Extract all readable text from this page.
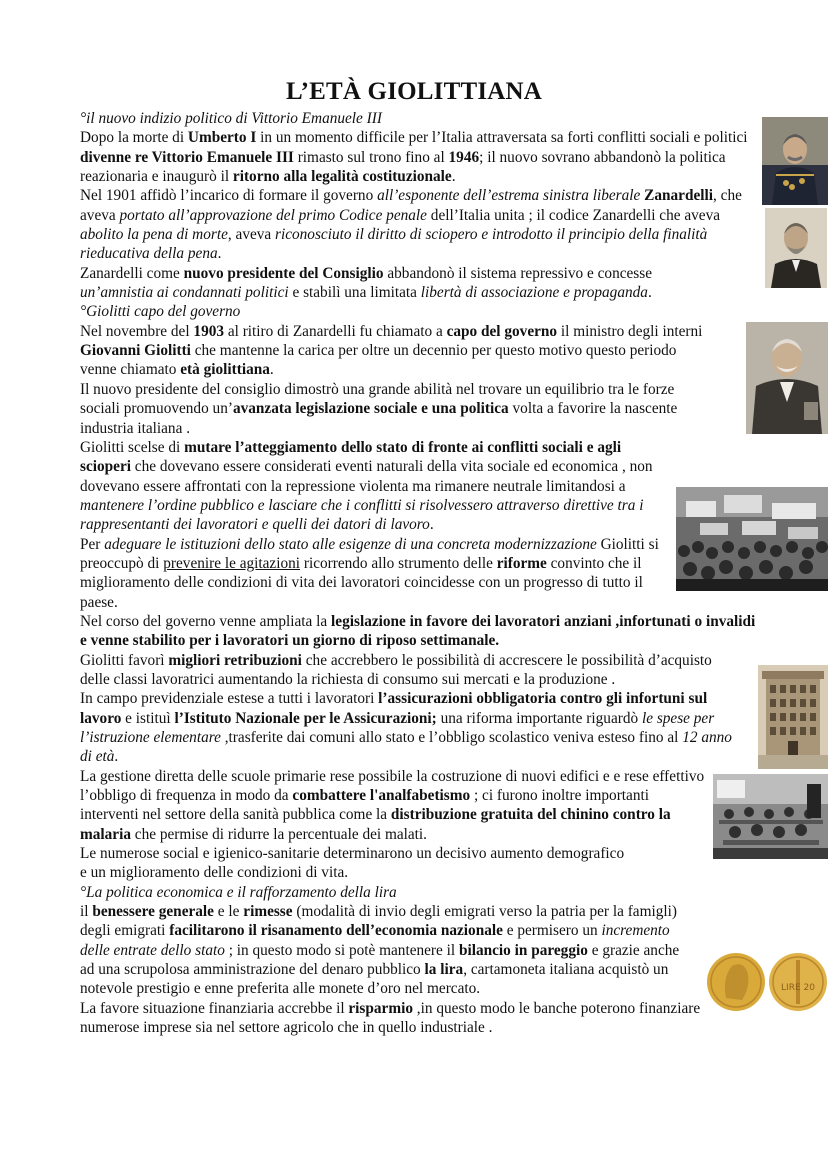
L’ETÀ GIOLITTIANA

°il nuovo indizio politico di Vittorio Emanuele III

Dopo la morte di Umberto I in un momento difficile per l’Italia attraversata sa forti conflitti sociali e politici divenne re Vittorio Emanuele III rimasto sul trono fino al 1946; il nuovo sovrano abbandonò la politica reazionaria e inaugurò il ritorno alla legalità costituzionale.

Nel 1901 affidò l’incarico di formare il governo all’esponente dell’estrema sinistra liberale Zanardelli, che aveva portato all’approvazione del primo Codice penale dell’Italia unita ; il codice Zanardelli che aveva abolito la pena di morte, aveva riconosciuto il diritto di sciopero e introdotto il principio della finalità rieducativa della pena.

Zanardelli come nuovo presidente del Consiglio abbandonò il sistema repressivo e concesse un’amnistia ai condannati politici e stabilì una limitata libertà di associazione e propaganda.

°Giolitti capo del governo

Nel novembre del 1903 al ritiro di Zanardelli fu chiamato a capo del governo il ministro degli interni Giovanni Giolitti che mantenne la carica per oltre un decennio per questo motivo questo periodo venne chiamato età giolittiana.

Il nuovo presidente del consiglio dimostrò una grande abilità nel trovare un equilibrio tra le forze sociali promuovendo un’avanzata legislazione sociale e una politica volta a favorire la nascente industria italiana .

Giolitti scelse di mutare l’atteggiamento dello stato di fronte ai conflitti sociali e agli scioperi che dovevano essere considerati eventi naturali della vita sociale ed economica , non dovevano essere affrontati con la repressione violenta ma rimanere neutrale limitandosi a mantenere l’ordine pubblico e lasciare che i conflitti si risolvessero attraverso direttive tra i rappresentanti dei lavoratori e quelli dei datori di lavoro.

Per adeguare le istituzioni dello stato alle esigenze di una concreta modernizzazione Giolitti si preoccupò di prevenire le agitazioni ricorrendo allo strumento delle riforme convinto che il miglioramento delle condizioni di vita dei lavoratori coincidesse con un progresso di tutto il paese.

Nel corso del governo venne ampliata la legislazione in favore dei lavoratori anziani ,infortunati o invalidi e venne stabilito per i lavoratori un giorno di riposo settimanale.

Giolitti favorì migliori retribuzioni che accrebbero le possibilità di accrescere le possibilità d’acquisto delle classi lavoratrici aumentando la richiesta di consumo sui mercati e la produzione .

In campo previdenziale estese a tutti i lavoratori l’assicurazioni obbligatoria contro gli infortuni sul lavoro e istituì l’Istituto Nazionale per le Assicurazioni; una riforma importante riguardò le spese per l’istruzione elementare ,trasferite dai comuni allo stato e l’obbligo scolastico veniva esteso fino al 12 anno di età.

La gestione diretta delle scuole primarie rese possibile la costruzione di nuovi edifici e e rese effettivo l’obbligo di frequenza in modo da combattere l'analfabetismo ; ci furono inoltre importanti interventi nel settore della sanità pubblica come la distribuzione gratuita del chinino contro la malaria che permise di ridurre la percentuale dei malati.

Le numerose social e igienico-sanitarie determinarono un decisivo aumento demografico
e un miglioramento delle condizioni di vita.

°La politica economica e il rafforzamento della lira

il benessere generale e le rimesse (modalità di invio degli emigrati verso la patria per la famigli) degli emigrati facilitarono il risanamento dell’economia nazionale e permisero un incremento delle entrate dello stato ; in questo modo si potè mantenere il bilancio in pareggio e grazie anche ad una scrupolosa amministrazione del denaro pubblico la lira, cartamoneta italiana acquistò un notevole prestigio e enne preferita alle monete d’oro nel mercato.

La favore situazione finanziaria accrebbe il risparmio ,in questo modo le banche poterono finanziare numerose imprese sia nel settore agricolo che in quello industriale .

LIRE 20
